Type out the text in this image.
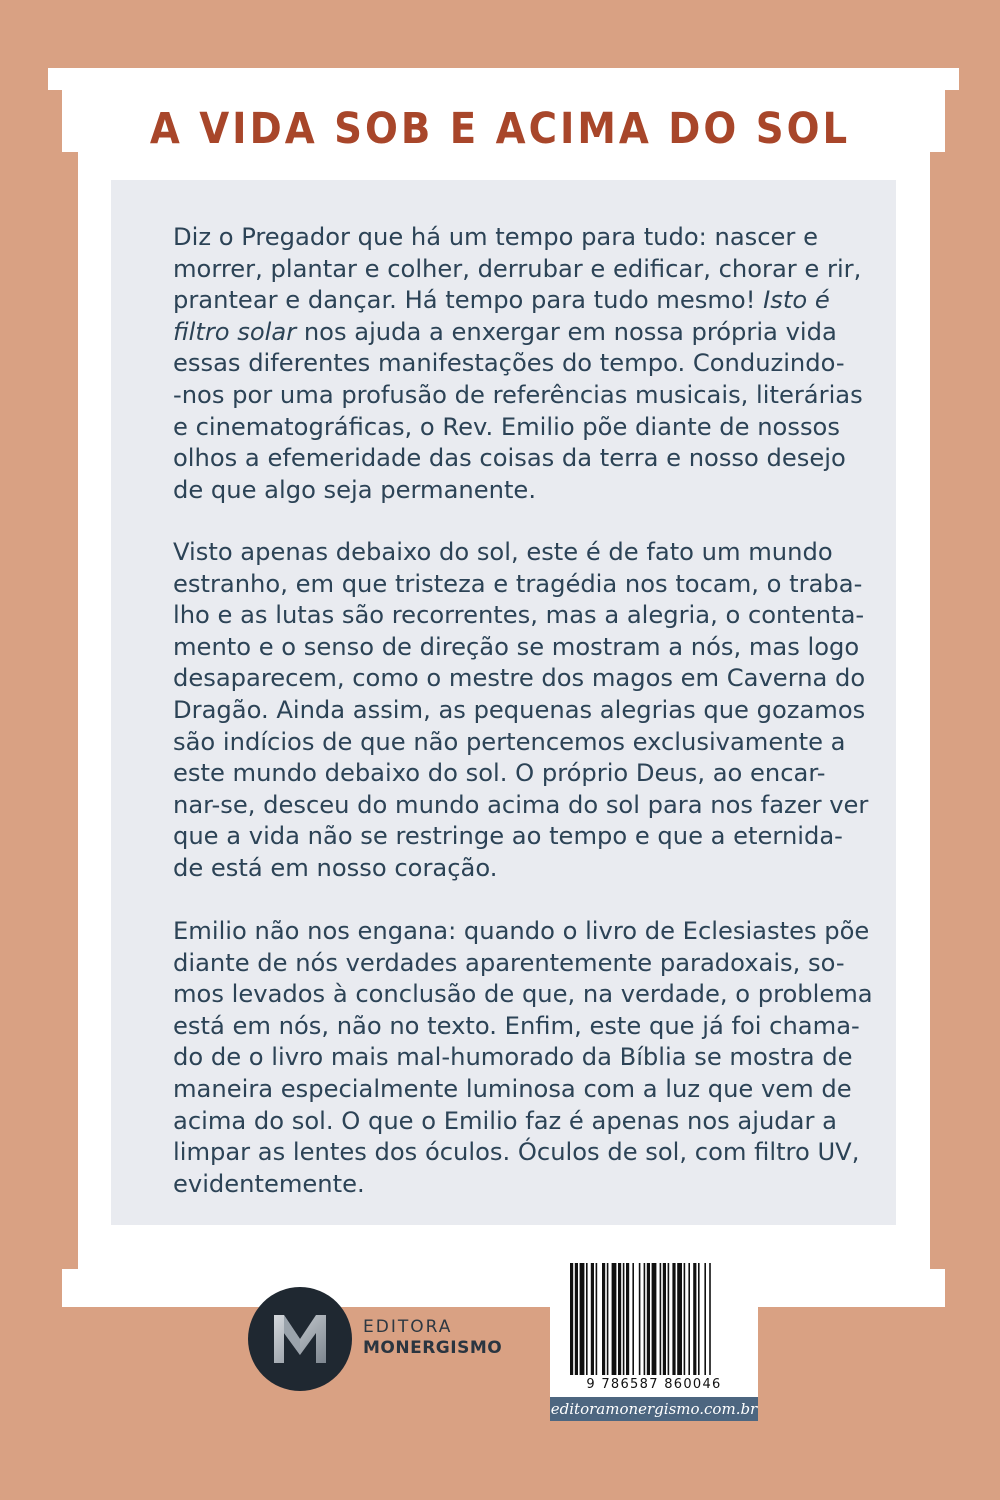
A VIDA SOB E ACIMA DO SOL

Diz o Pregador que há um tempo para tudo: nascer e
morrer, plantar e colher, derrubar e edificar, chorar e rir,
prantear e dançar. Há tempo para tudo mesmo! Isto é
filtro solar nos ajuda a enxergar em nossa própria vida
essas diferentes manifestações do tempo. Conduzindo-
-nos por uma profusão de referências musicais, literárias
e cinematográficas, o Rev. Emilio põe diante de nossos
olhos a efemeridade das coisas da terra e nosso desejo
de que algo seja permanente.

Visto apenas debaixo do sol, este é de fato um mundo
estranho, em que tristeza e tragédia nos tocam, o traba-
lho e as lutas são recorrentes, mas a alegria, o contenta-
mento e o senso de direção se mostram a nós, mas logo
desaparecem, como o mestre dos magos em Caverna do
Dragão. Ainda assim, as pequenas alegrias que gozamos
são indícios de que não pertencemos exclusivamente a
este mundo debaixo do sol. O próprio Deus, ao encar-
nar-se, desceu do mundo acima do sol para nos fazer ver
que a vida não se restringe ao tempo e que a eternida-
de está em nosso coração.

Emilio não nos engana: quando o livro de Eclesiastes põe
diante de nós verdades aparentemente paradoxais, so-
mos levados à conclusão de que, na verdade, o problema
está em nós, não no texto. Enfim, este que já foi chama-
do de o livro mais mal-humorado da Bíblia se mostra de
maneira especialmente luminosa com a luz que vem de
acima do sol. O que o Emilio faz é apenas nos ajudar a
limpar as lentes dos óculos. Óculos de sol, com filtro UV,
evidentemente.

EDITORA
MONERGISMO
9 786587 860046
editoramonergismo.com.br
